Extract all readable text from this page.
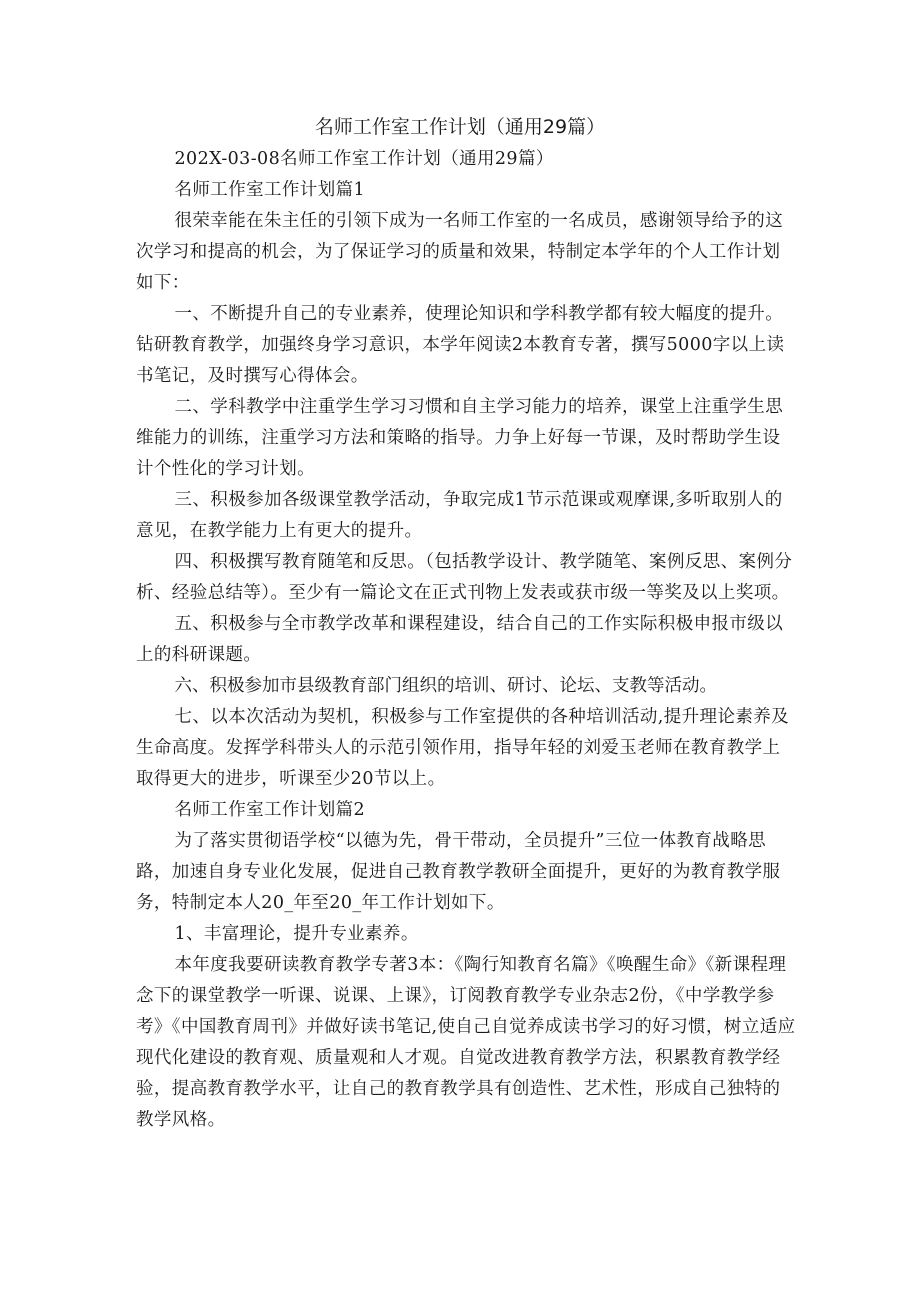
名师工作室工作计划（通用29篇）

202X-03-08名师工作室工作计划（通用29篇）

名师工作室工作计划篇1

很荣幸能在朱主任的引领下成为一名师工作室的一名成员，感谢领导给予的这次学习和提高的机会，为了保证学习的质量和效果，特制定本学年的个人工作计划如下：

一、不断提升自己的专业素养，使理论知识和学科教学都有较大幅度的提升。钻研教育教学，加强终身学习意识，本学年阅读2本教育专著，撰写5000字以上读书笔记，及时撰写心得体会。

二、学科教学中注重学生学习习惯和自主学习能力的培养，课堂上注重学生思维能力的训练，注重学习方法和策略的指导。力争上好每一节课，及时帮助学生设计个性化的学习计划。

三、积极参加各级课堂教学活动，争取完成1节示范课或观摩课,多听取别人的意见，在教学能力上有更大的提升。

四、积极撰写教育随笔和反思。（包括教学设计、教学随笔、案例反思、案例分析、经验总结等）。至少有一篇论文在正式刊物上发表或获市级一等奖及以上奖项。

五、积极参与全市教学改革和课程建设，结合自己的工作实际积极申报市级以上的科研课题。

六、积极参加市县级教育部门组织的培训、研讨、论坛、支教等活动。

七、以本次活动为契机，积极参与工作室提供的各种培训活动,提升理论素养及生命高度。发挥学科带头人的示范引领作用，指导年轻的刘爱玉老师在教育教学上取得更大的进步，听课至少20节以上。

名师工作室工作计划篇2

为了落实贯彻语学校“以德为先，骨干带动，全员提升”三位一体教育战略思路，加速自身专业化发展，促进自己教育教学教研全面提升，更好的为教育教学服务，特制定本人20_年至20_年工作计划如下。

1、丰富理论，提升专业素养。

本年度我要研读教育教学专著3本：《陶行知教育名篇》《唤醒生命》《新课程理念下的课堂教学一听课、说课、上课》，订阅教育教学专业杂志2份，《中学教学参考》《中国教育周刊》并做好读书笔记,使自己自觉养成读书学习的好习惯，树立适应现代化建设的教育观、质量观和人才观。自觉改进教育教学方法，积累教育教学经验，提高教育教学水平，让自己的教育教学具有创造性、艺术性，形成自己独特的教学风格。
